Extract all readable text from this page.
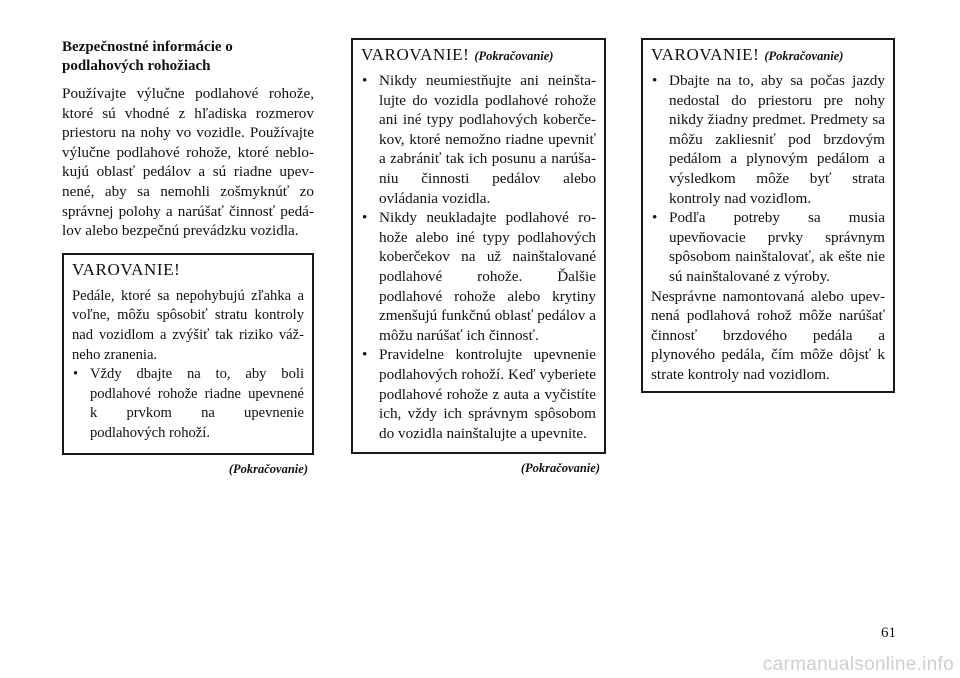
Bezpečnostné informácie o
podlahových rohožiach

Používajte výlučne podlahové rohože, ktoré sú vhodné z hľadiska rozmerov priestoru na nohy vo vozidle. Používajte výlučne podlahové rohože, ktoré neblokujú oblasť pedálov a sú riadne upevnené, aby sa nemohli zošmyknúť zo správnej polohy a narúšať činnosť pedálov alebo bezpečnú prevádzku vozidla.

VAROVANIE!

Pedále, ktoré sa nepohybujú zľahka a voľne, môžu spôsobiť stratu kontroly nad vozidlom a zvýšiť tak riziko vážneho zranenia.

• Vždy dbajte na to, aby boli podlahové rohože riadne upevnené k prvkom na upevnenie podlahových rohoží.
(Pokračovanie)
VAROVANIE! (Pokračovanie)
• Nikdy neumiestňujte ani neinštalujte do vozidla podlahové rohože ani iné typy podlahových koberčekov, ktoré nemožno riadne upevniť a zabrániť tak ich posunu a narúšaniu činnosti pedálov alebo ovládania vozidla.
• Nikdy neukladajte podlahové rohože alebo iné typy podlahových koberčekov na už nainštalované podlahové rohože. Ďalšie podlahové rohože alebo krytiny zmenšujú funkčnú oblasť pedálov a môžu narúšať ich činnosť.
• Pravidelne kontrolujte upevnenie podlahových rohoží. Keď vyberiete podlahové rohože z auta a vyčistíte ich, vždy ich správnym spôsobom do vozidla nainštalujte a upevnite.
(Pokračovanie)
VAROVANIE! (Pokračovanie)
• Dbajte na to, aby sa počas jazdy nedostal do priestoru pre nohy nikdy žiadny predmet. Predmety sa môžu zakliesniť pod brzdovým pedálom a plynovým pedálom a výsledkom môže byť strata kontroly nad vozidlom.
• Podľa potreby sa musia upevňovacie prvky správnym spôsobom nainštalovať, ak ešte nie sú nainštalované z výroby.

Nesprávne namontovaná alebo upevnená podlahová rohož môže narúšať činnosť brzdového pedála a plynového pedála, čím môže dôjsť k strate kontroly nad vozidlom.

61
carmanualsonline.info
